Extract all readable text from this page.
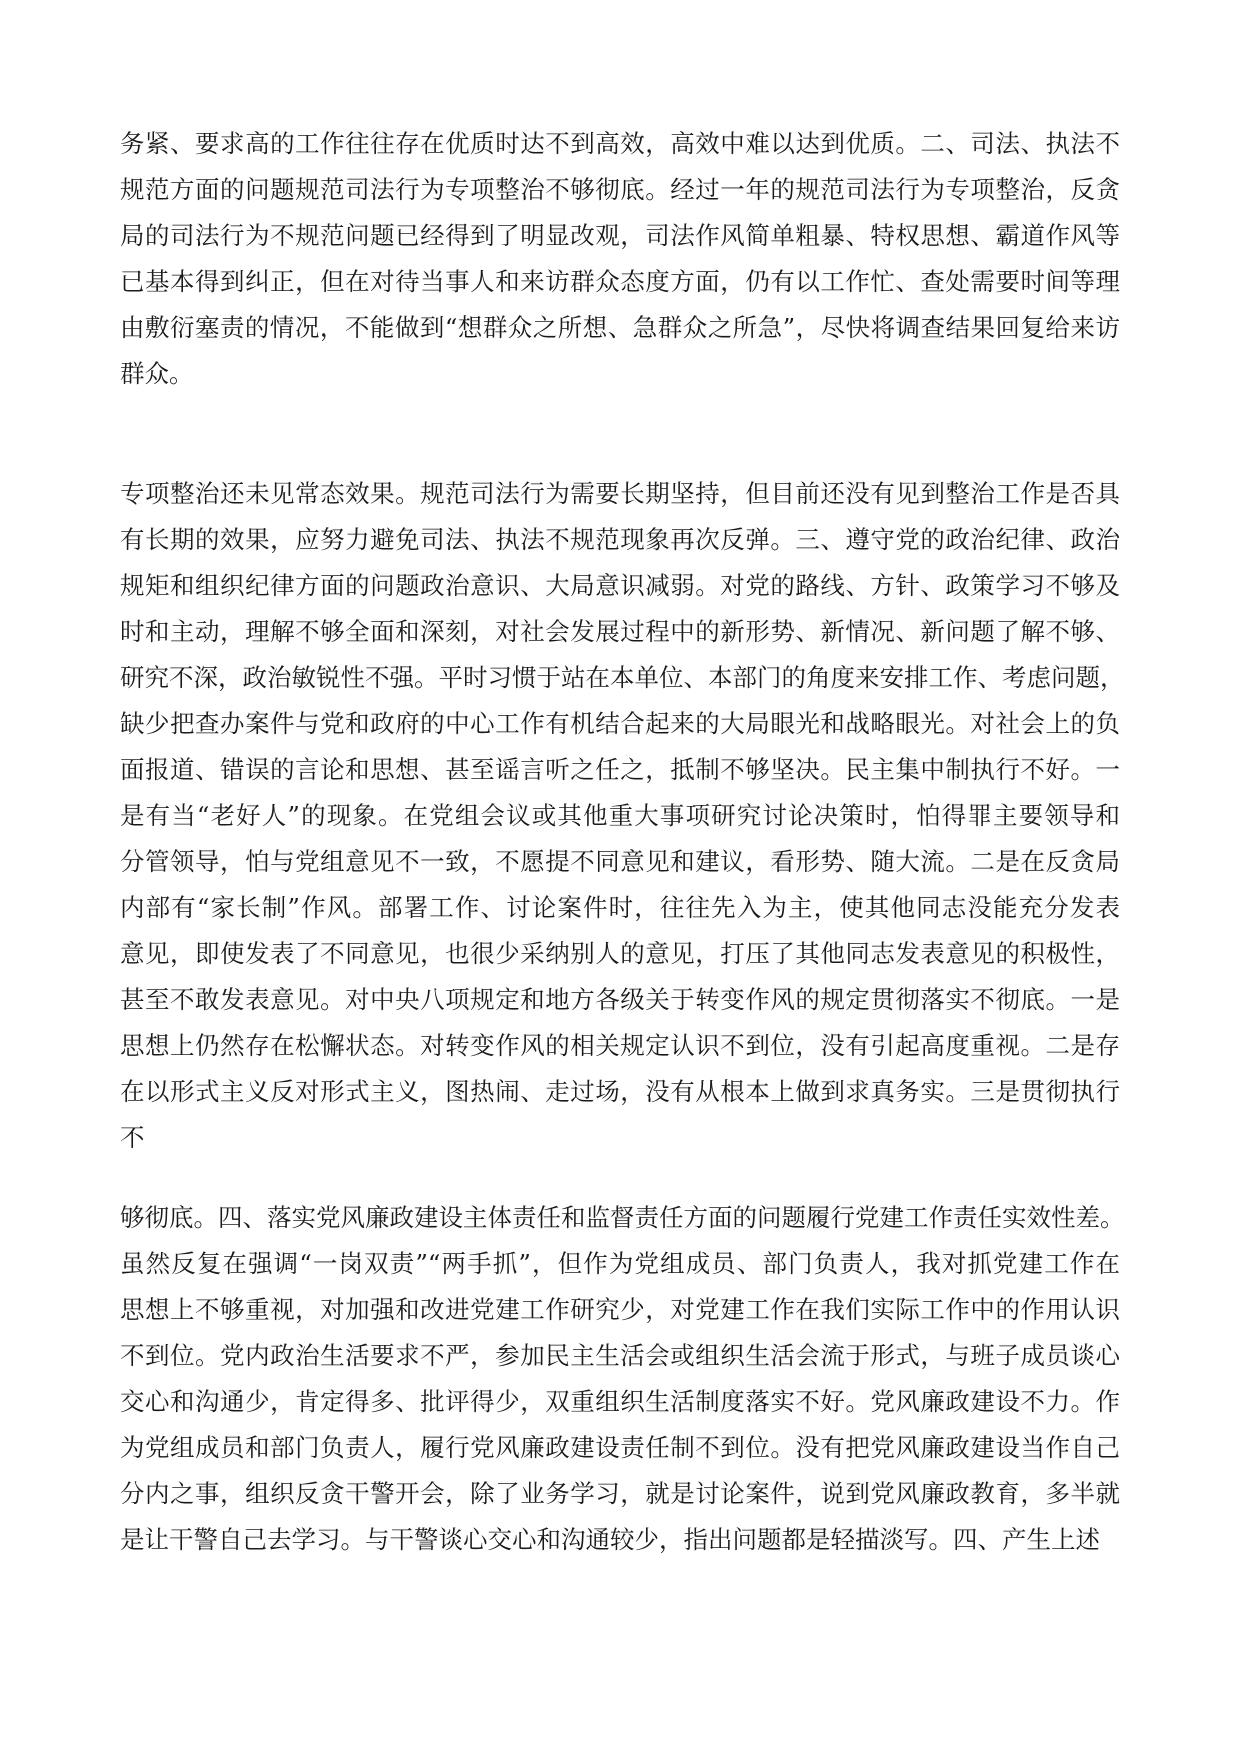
务紧、要求高的工作往往存在优质时达不到高效，高效中难以达到优质。二、司法、执法不
规范方面的问题规范司法行为专项整治不够彻底。经过一年的规范司法行为专项整治，反贪
局的司法行为不规范问题已经得到了明显改观，司法作风简单粗暴、特权思想、霸道作风等
已基本得到纠正，但在对待当事人和来访群众态度方面，仍有以工作忙、查处需要时间等理
由敷衍塞责的情况，不能做到“想群众之所想、急群众之所急”，尽快将调查结果回复给来访
群众。
专项整治还未见常态效果。规范司法行为需要长期坚持，但目前还没有见到整治工作是否具
有长期的效果，应努力避免司法、执法不规范现象再次反弹。三、遵守党的政治纪律、政治
规矩和组织纪律方面的问题政治意识、大局意识减弱。对党的路线、方针、政策学习不够及
时和主动，理解不够全面和深刻，对社会发展过程中的新形势、新情况、新问题了解不够、
研究不深，政治敏锐性不强。平时习惯于站在本单位、本部门的角度来安排工作、考虑问题，
缺少把查办案件与党和政府的中心工作有机结合起来的大局眼光和战略眼光。对社会上的负
面报道、错误的言论和思想、甚至谣言听之任之，抵制不够坚决。民主集中制执行不好。一
是有当“老好人”的现象。在党组会议或其他重大事项研究讨论决策时，怕得罪主要领导和
分管领导，怕与党组意见不一致，不愿提不同意见和建议，看形势、随大流。二是在反贪局
内部有“家长制”作风。部署工作、讨论案件时，往往先入为主，使其他同志没能充分发表
意见，即使发表了不同意见，也很少采纳别人的意见，打压了其他同志发表意见的积极性，
甚至不敢发表意见。对中央八项规定和地方各级关于转变作风的规定贯彻落实不彻底。一是
思想上仍然存在松懈状态。对转变作风的相关规定认识不到位，没有引起高度重视。二是存
在以形式主义反对形式主义，图热闹、走过场，没有从根本上做到求真务实。三是贯彻执行
不
够彻底。四、落实党风廉政建设主体责任和监督责任方面的问题履行党建工作责任实效性差。
虽然反复在强调“一岗双责”“两手抓”，但作为党组成员、部门负责人，我对抓党建工作在
思想上不够重视，对加强和改进党建工作研究少，对党建工作在我们实际工作中的作用认识
不到位。党内政治生活要求不严，参加民主生活会或组织生活会流于形式，与班子成员谈心
交心和沟通少，肯定得多、批评得少，双重组织生活制度落实不好。党风廉政建设不力。作
为党组成员和部门负责人，履行党风廉政建设责任制不到位。没有把党风廉政建设当作自己
分内之事，组织反贪干警开会，除了业务学习，就是讨论案件，说到党风廉政教育，多半就
是让干警自己去学习。与干警谈心交心和沟通较少，指出问题都是轻描淡写。四、产生上述
